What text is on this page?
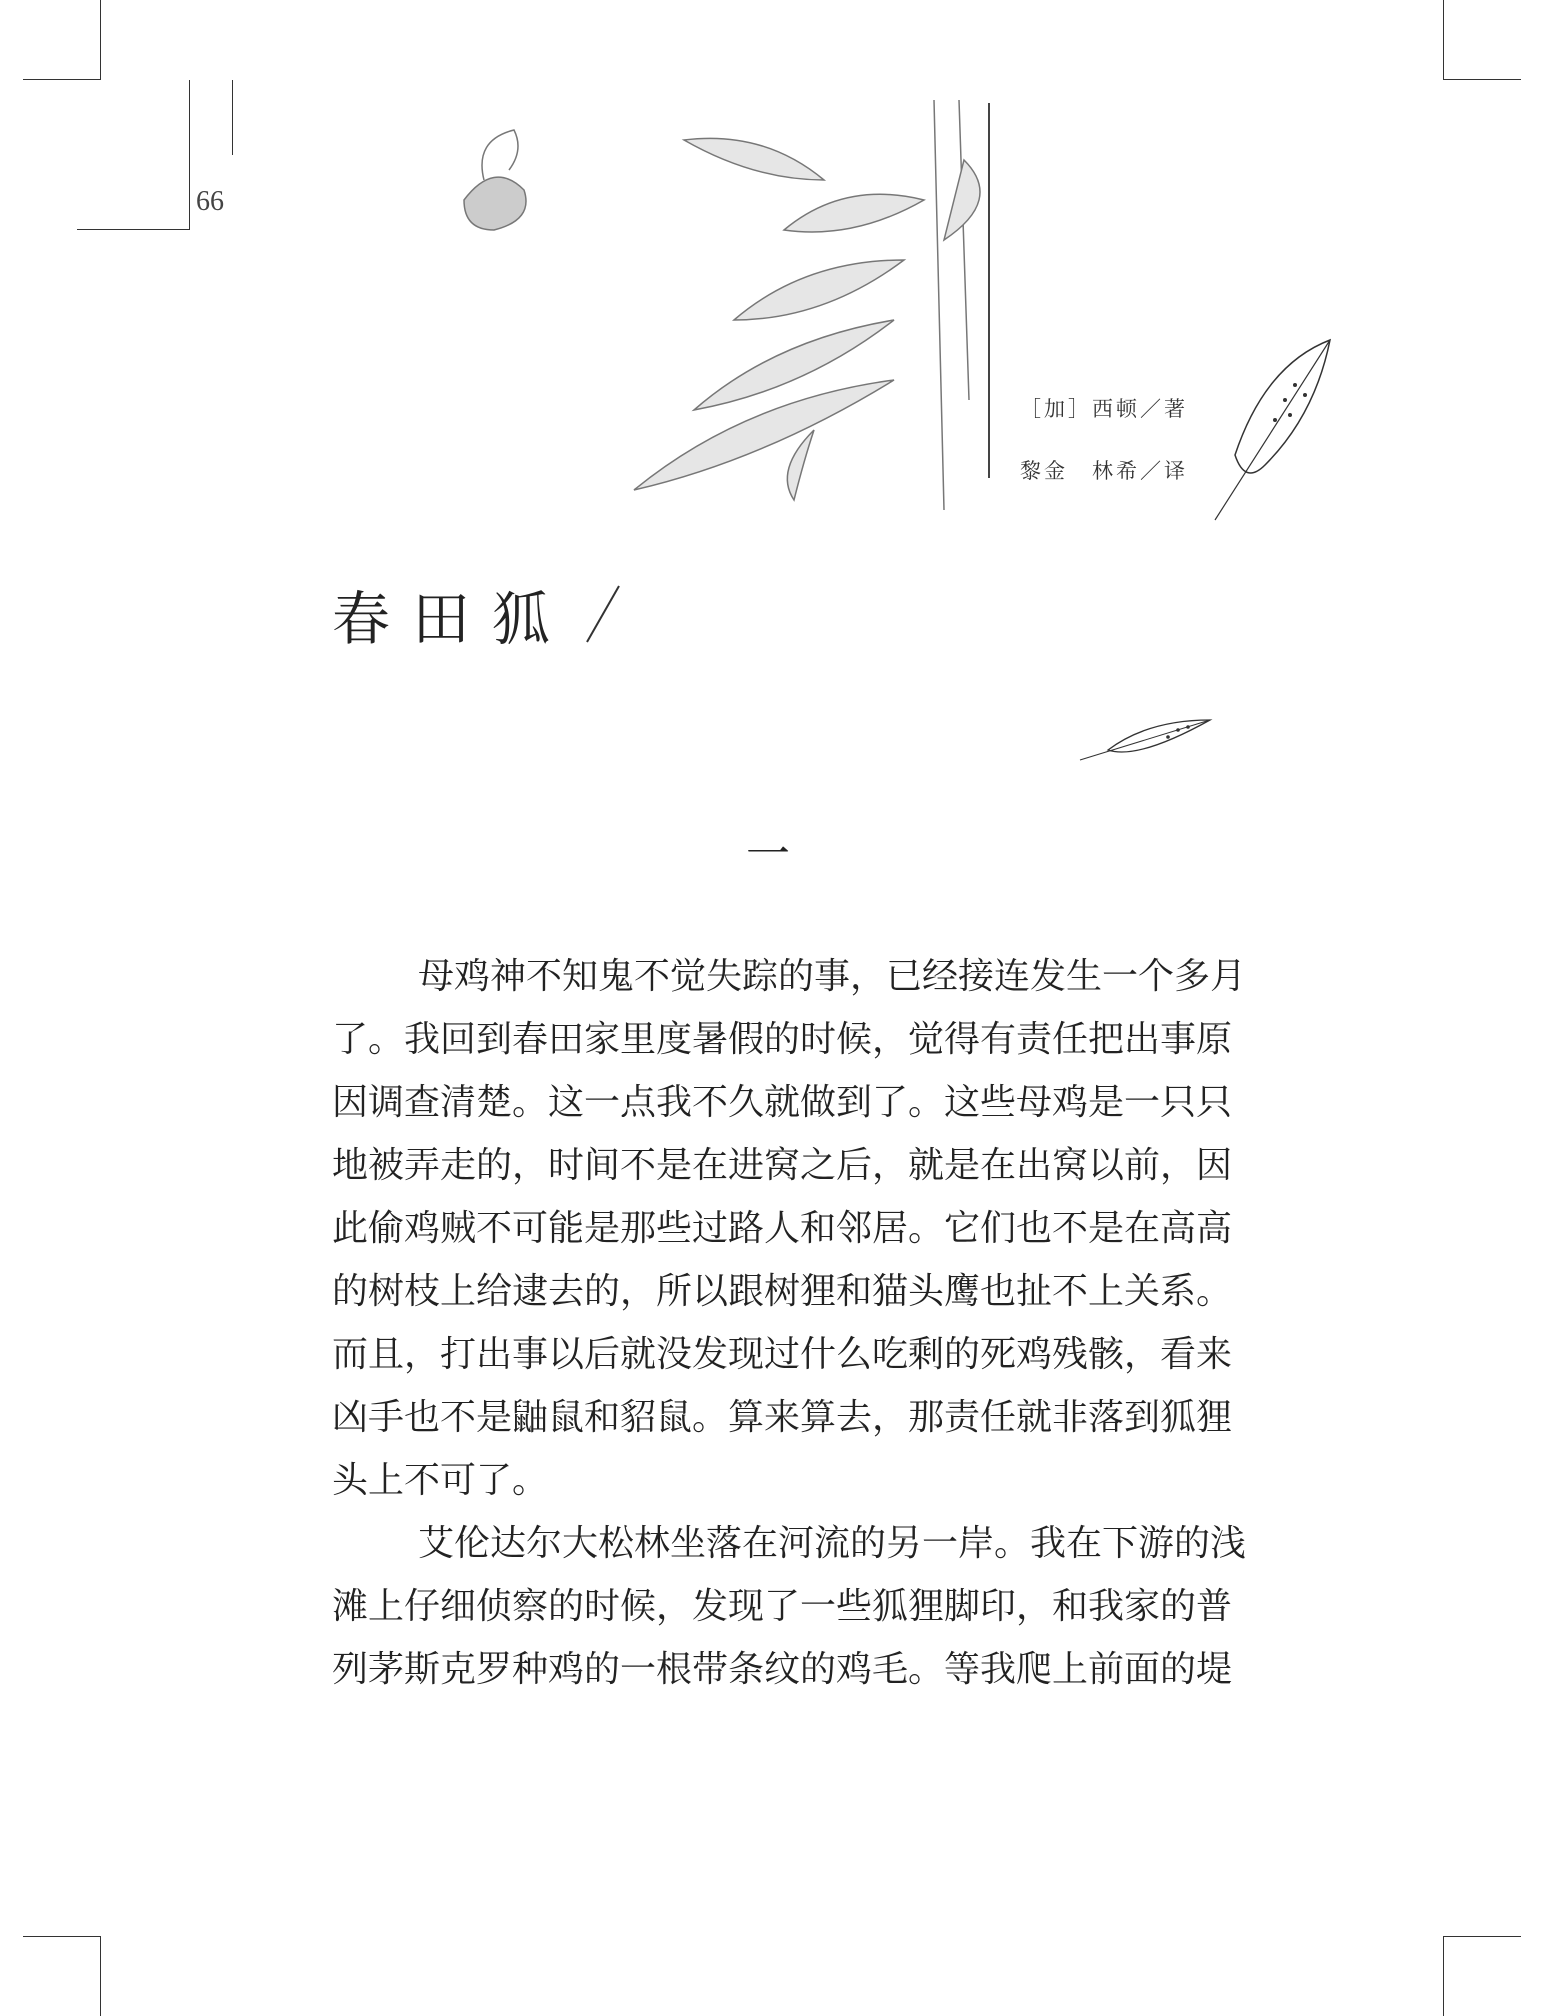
66
［加］西顿／著
黎金　林希／译
春田狐
一
母鸡神不知鬼不觉失踪的事，已经接连发生一个多月
了。我回到春田家里度暑假的时候，觉得有责任把出事原
因调查清楚。这一点我不久就做到了。这些母鸡是一只只
地被弄走的，时间不是在进窝之后，就是在出窝以前，因
此偷鸡贼不可能是那些过路人和邻居。它们也不是在高高
的树枝上给逮去的，所以跟树狸和猫头鹰也扯不上关系。
而且，打出事以后就没发现过什么吃剩的死鸡残骸，看来
凶手也不是鼬鼠和貂鼠。算来算去，那责任就非落到狐狸
头上不可了。
艾伦达尔大松林坐落在河流的另一岸。我在下游的浅
滩上仔细侦察的时候，发现了一些狐狸脚印，和我家的普
列茅斯克罗种鸡的一根带条纹的鸡毛。等我爬上前面的堤
